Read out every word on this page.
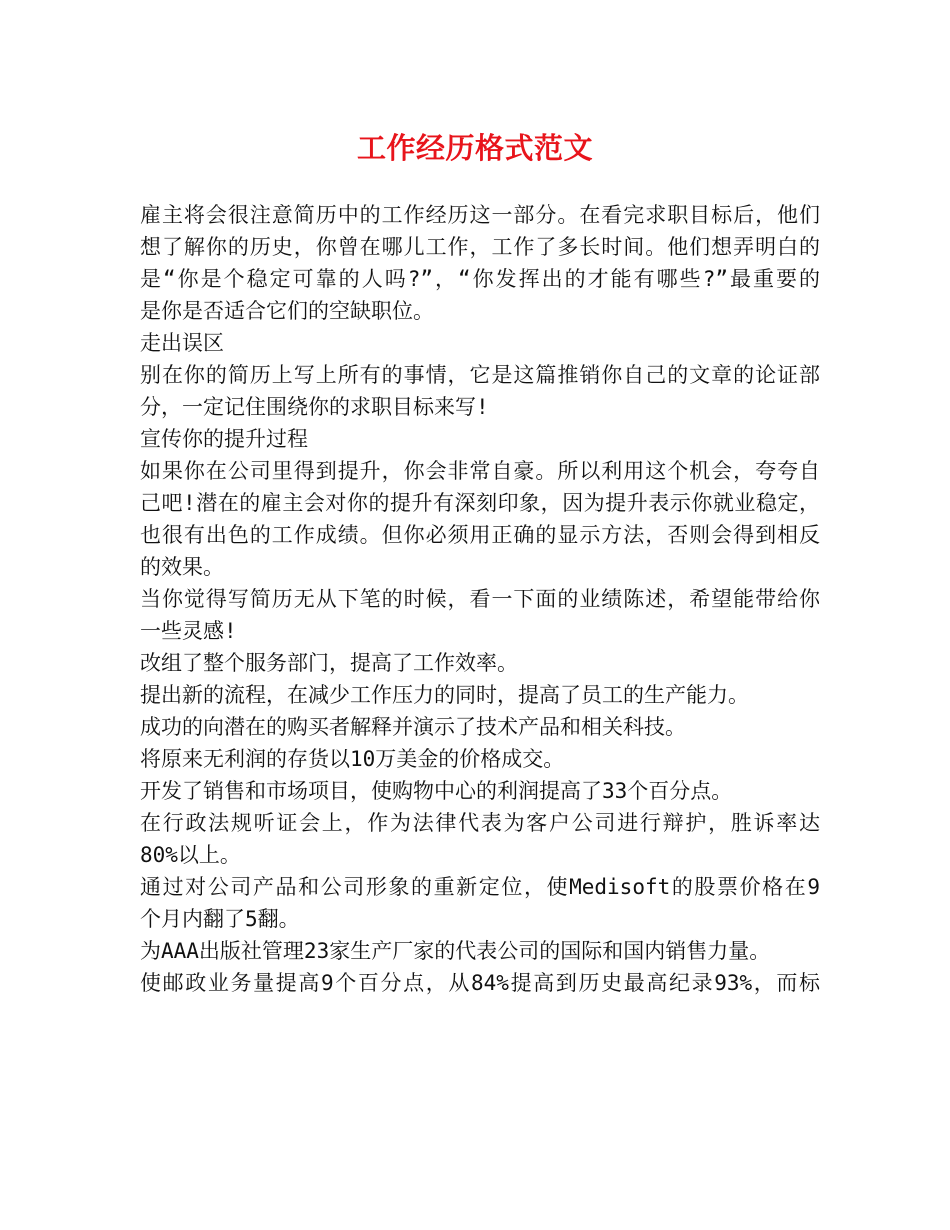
工作经历格式范文
雇主将会很注意简历中的工作经历这一部分。在看完求职目标后，他们
想了解你的历史，你曾在哪儿工作，工作了多长时间。他们想弄明白的
是“你是个稳定可靠的人吗?”，“你发挥出的才能有哪些?”最重要的
是你是否适合它们的空缺职位。
走出误区
别在你的简历上写上所有的事情，它是这篇推销你自己的文章的论证部
分，一定记住围绕你的求职目标来写!
宣传你的提升过程
如果你在公司里得到提升，你会非常自豪。所以利用这个机会，夸夸自
己吧!潜在的雇主会对你的提升有深刻印象，因为提升表示你就业稳定，
也很有出色的工作成绩。但你必须用正确的显示方法，否则会得到相反
的效果。
当你觉得写简历无从下笔的时候，看一下面的业绩陈述，希望能带给你
一些灵感!
改组了整个服务部门，提高了工作效率。
提出新的流程，在减少工作压力的同时，提高了员工的生产能力。
成功的向潜在的购买者解释并演示了技术产品和相关科技。
将原来无利润的存货以10万美金的价格成交。
开发了销售和市场项目，使购物中心的利润提高了33个百分点。
在行政法规听证会上，作为法律代表为客户公司进行辩护，胜诉率达
80%以上。
通过对公司产品和公司形象的重新定位，使Medisoft的股票价格在9
个月内翻了5翻。
为AAA出版社管理23家生产厂家的代表公司的国际和国内销售力量。
使邮政业务量提高9个百分点，从84%提高到历史最高纪录93%，而标
